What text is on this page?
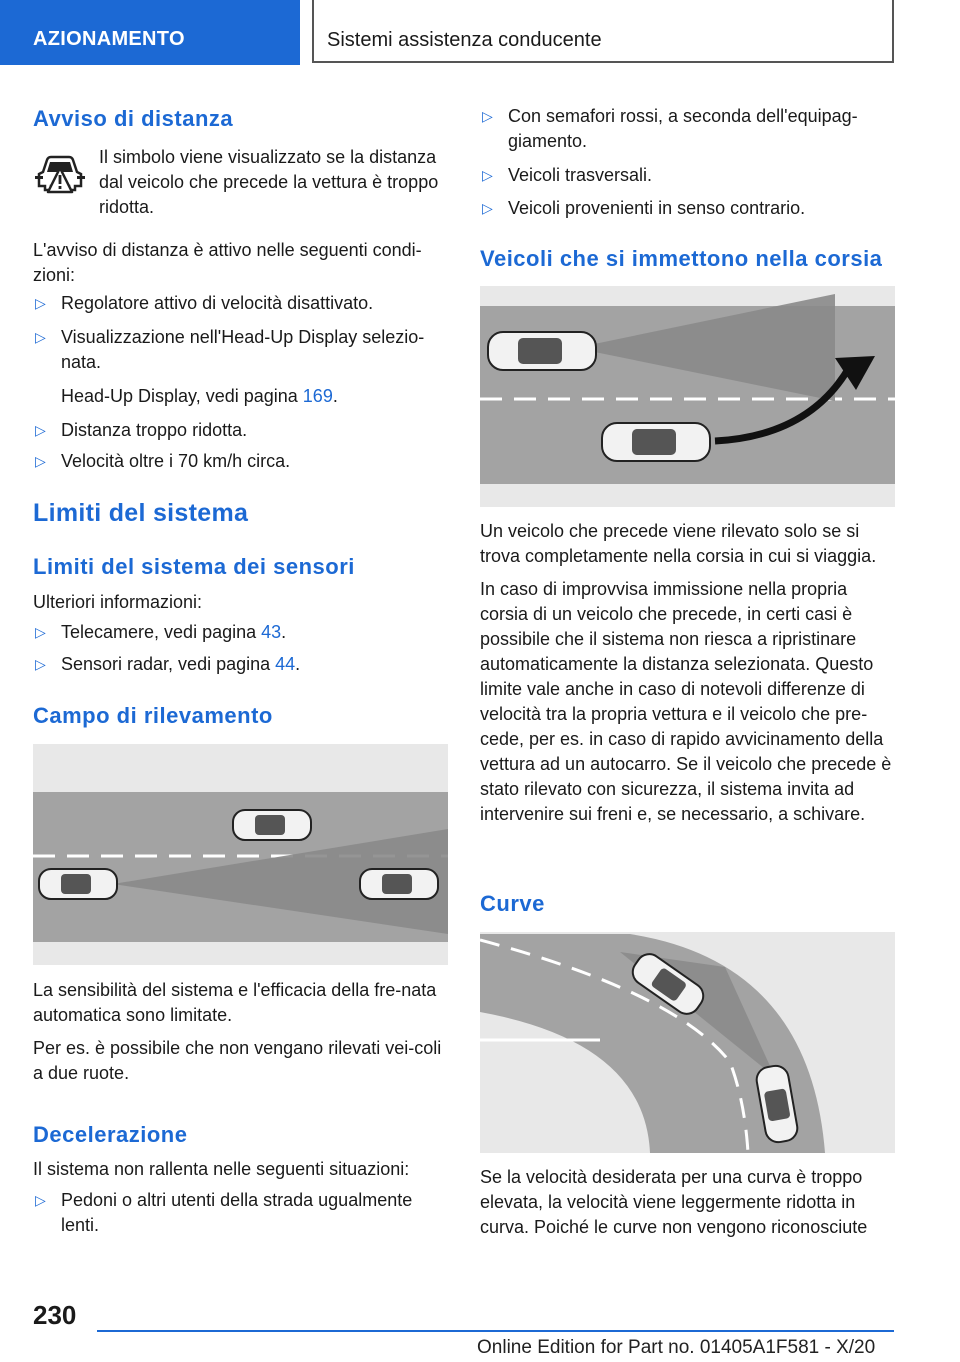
AZIONAMENTO	Sistemi assistenza conducente
Avviso di distanza

Il simbolo viene visualizzato se la distanza dal veicolo che precede la vettura è troppo ridotta.

L'avviso di distanza è attivo nelle seguenti condi-zioni:

▷ Regolatore attivo di velocità disattivato.
▷ Visualizzazione nell'Head-Up Display selezio-nata.
Head-Up Display, vedi pagina 169.
▷ Distanza troppo ridotta.
▷ Velocità oltre i 70 km/h circa.
Limiti del sistema
Limiti del sistema dei sensori

Ulteriori informazioni:

▷ Telecamere, vedi pagina 43.
▷ Sensori radar, vedi pagina 44.
Campo di rilevamento

La sensibilità del sistema e l'efficacia della fre-nata automatica sono limitate.

Per es. è possibile che non vengano rilevati vei-coli a due ruote.

Decelerazione

Il sistema non rallenta nelle seguenti situazioni:

▷ Pedoni o altri utenti della strada ugualmente lenti.
▷ Con semafori rossi, a seconda dell'equipag-giamento.
▷ Veicoli trasversali.
▷ Veicoli provenienti in senso contrario.
Veicoli che si immettono nella corsia

Un veicolo che precede viene rilevato solo se si trova completamente nella corsia in cui si viaggia.

In caso di improvvisa immissione nella propria corsia di un veicolo che precede, in certi casi è possibile che il sistema non riesca a ripristinare automaticamente la distanza selezionata. Questo limite vale anche in caso di notevoli differenze di velocità tra la propria vettura e il veicolo che pre-cede, per es. in caso di rapido avvicinamento della vettura ad un autocarro. Se il veicolo che precede è stato rilevato con sicurezza, il sistema invita ad intervenire sui freni e, se necessario, a schivare.

Curve

Se la velocità desiderata per una curva è troppo elevata, la velocità viene leggermente ridotta in curva. Poiché le curve non vengono riconosciute

230
Online Edition for Part no. 01405A1F581 - X/20
